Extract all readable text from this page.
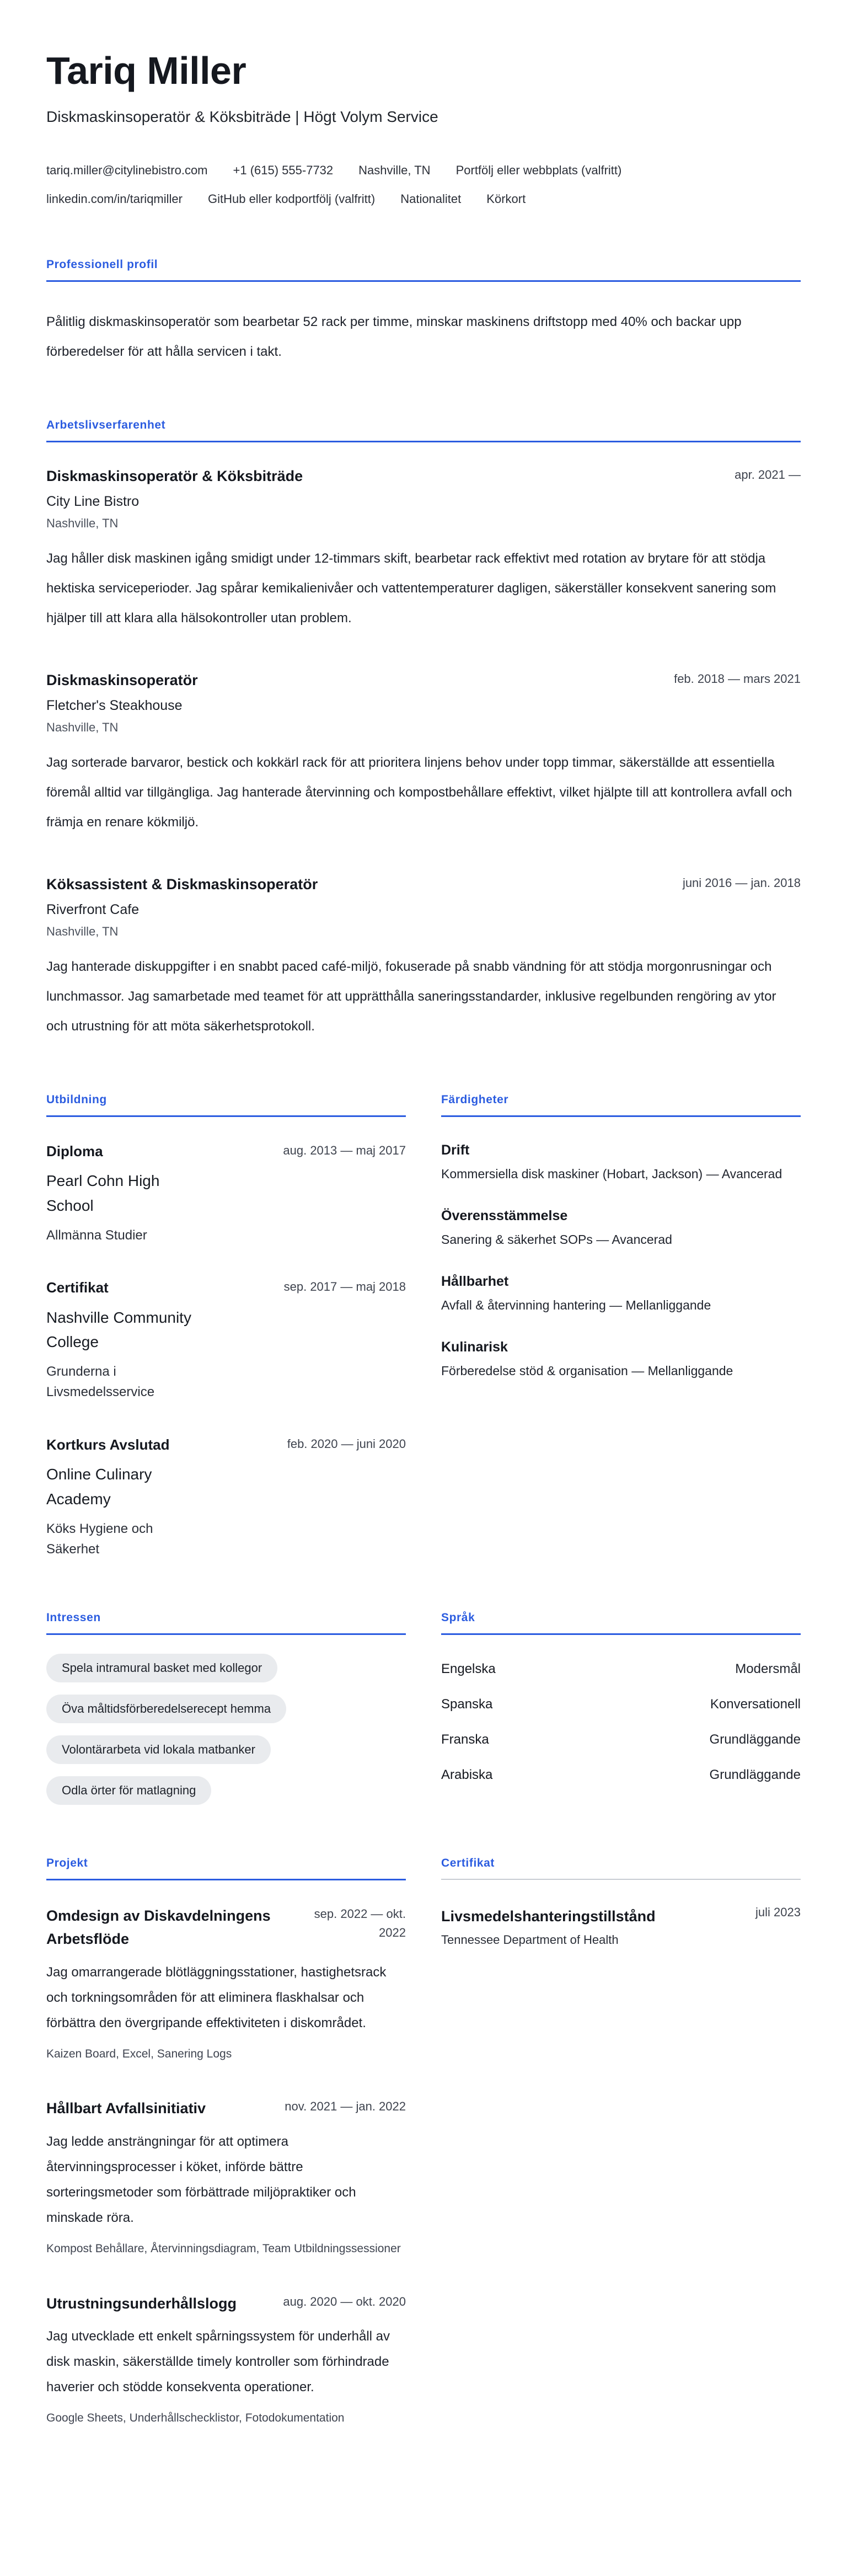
Tariq Miller
Diskmaskinsoperatör & Köksbiträde | Högt Volym Service
tariq.miller@citylinebistro.com +1 (615) 555-7732 Nashville, TN Portfölj eller webbplats (valfritt)
linkedin.com/in/tariqmiller GitHub eller kodportfölj (valfritt) Nationalitet Körkort
Professionell profil

Pålitlig diskmaskinsoperatör som bearbetar 52 rack per timme, minskar maskinens driftstopp med 40% och backar upp förberedelser för att hålla servicen i takt.

Arbetslivserfarenhet
Diskmaskinsoperatör & Köksbiträde	apr. 2021 —
City Line Bistro
Nashville, TN

Jag håller disk maskinen igång smidigt under 12-timmars skift, bearbetar rack effektivt med rotation av brytare för att stödja hektiska serviceperioder. Jag spårar kemikalienivåer och vattentemperaturer dagligen, säkerställer konsekvent sanering som hjälper till att klara alla hälsokontroller utan problem.

Diskmaskinsoperatör	feb. 2018 — mars 2021
Fletcher's Steakhouse
Nashville, TN

Jag sorterade barvaror, bestick och kokkärl rack för att prioritera linjens behov under topp timmar, säkerställde att essentiella föremål alltid var tillgängliga. Jag hanterade återvinning och kompostbehållare effektivt, vilket hjälpte till att kontrollera avfall och främja en renare kökmiljö.

Köksassistent & Diskmaskinsoperatör	juni 2016 — jan. 2018
Riverfront Cafe
Nashville, TN

Jag hanterade diskuppgifter i en snabbt paced café-miljö, fokuserade på snabb vändning för att stödja morgonrusningar och lunchmassor. Jag samarbetade med teamet för att upprätthålla saneringsstandarder, inklusive regelbunden rengöring av ytor och utrustning för att möta säkerhetsprotokoll.

Utbildning
Diploma
Pearl Cohn High School
Allmänna Studier
aug. 2013 — maj 2017
Certifikat
Nashville Community College
Grunderna i Livsmedelsservice
sep. 2017 — maj 2018
Kortkurs Avslutad
Online Culinary Academy
Köks Hygiene och Säkerhet
feb. 2020 — juni 2020
Färdigheter
Drift
Kommersiella disk maskiner (Hobart, Jackson) — Avancerad
Överensstämmelse
Sanering & säkerhet SOPs — Avancerad
Hållbarhet
Avfall & återvinning hantering — Mellanliggande
Kulinarisk
Förberedelse stöd & organisation — Mellanliggande
Intressen
Spela intramural basket med kollegor
Öva måltidsförberedelserecept hemma
Volontärarbeta vid lokala matbanker
Odla örter för matlagning
Språk
Engelska	Modersmål
Spanska	Konversationell
Franska	Grundläggande
Arabiska	Grundläggande
Projekt
Omdesign av Diskavdelningens Arbetsflöde
sep. 2022 — okt. 2022

Jag omarrangerade blötläggningsstationer, hastighetsrack och torkningsområden för att eliminera flaskhalsar och förbättra den övergripande effektiviteten i diskområdet.

Kaizen Board, Excel, Sanering Logs
Hållbart Avfallsinitiativ	nov. 2021 — jan. 2022

Jag ledde ansträngningar för att optimera återvinningsprocesser i köket, införde bättre sorteringsmetoder som förbättrade miljöpraktiker och minskade röra.

Kompost Behållare, Återvinningsdiagram, Team Utbildningssessioner
Utrustningsunderhållslogg	aug. 2020 — okt. 2020

Jag utvecklade ett enkelt spårningssystem för underhåll av disk maskin, säkerställde timely kontroller som förhindrade haverier och stödde konsekventa operationer.

Google Sheets, Underhållschecklistor, Fotodokumentation
Certifikat
Livsmedelshanteringstillstånd
Tennessee Department of Health
juli 2023
